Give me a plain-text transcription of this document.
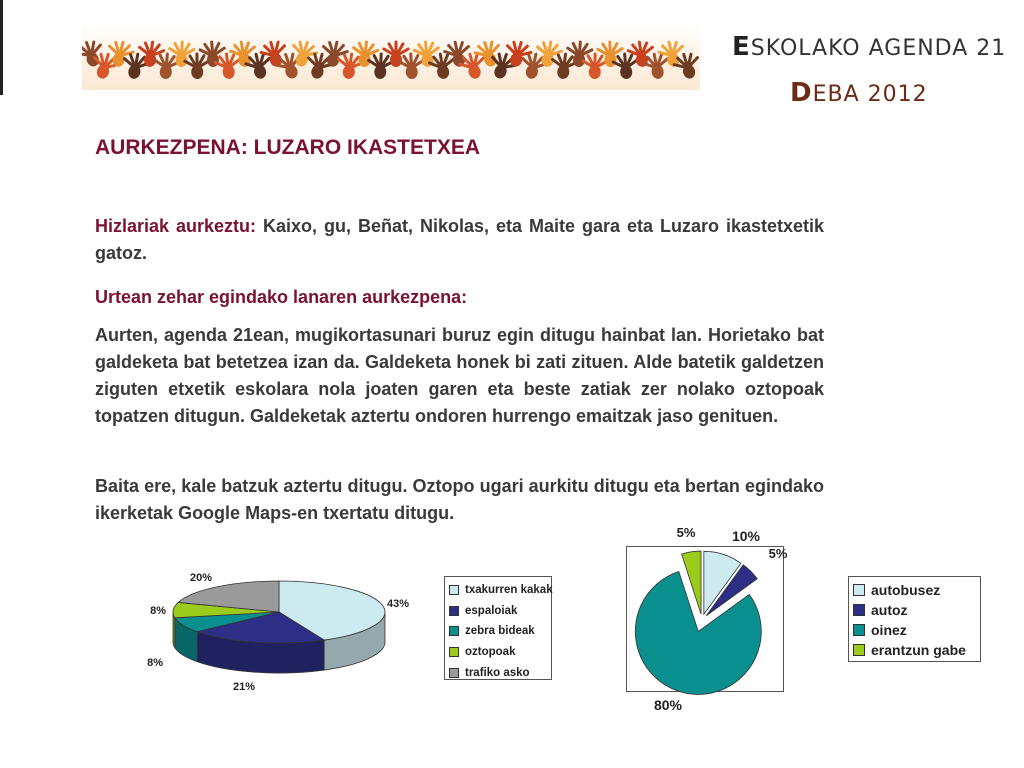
ESKOLAKO AGENDA 21
DEBA 2012
AURKEZPENA: LUZARO IKASTETXEA
Hizlariak aurkeztu: Kaixo, gu, Beñat, Nikolas, eta Maite gara eta Luzaro ikastetxetik gatoz.
Urtean zehar egindako lanaren aurkezpena:
Aurten, agenda 21ean, mugikortasunari buruz egin ditugu hainbat lan. Horietako bat galdeketa bat betetzea izan da. Galdeketa honek bi zati zituen. Alde batetik galdetzen ziguten etxetik eskolara nola joaten garen eta beste zatiak zer nolako oztopoak topatzen ditugun. Galdeketak aztertu ondoren hurrengo emaitzak jaso genituen.
Baita ere, kale batzuk aztertu ditugu. Oztopo ugari aurkitu ditugu eta bertan egindako ikerketak Google Maps-en txertatu ditugu.
43%
21%
8%
8%
20%
10%
5%
80%
5%
txakurren kakak
espaloiak
zebra bideak
oztopoak
trafiko asko
autobusez
autoz
oinez
erantzun gabe
